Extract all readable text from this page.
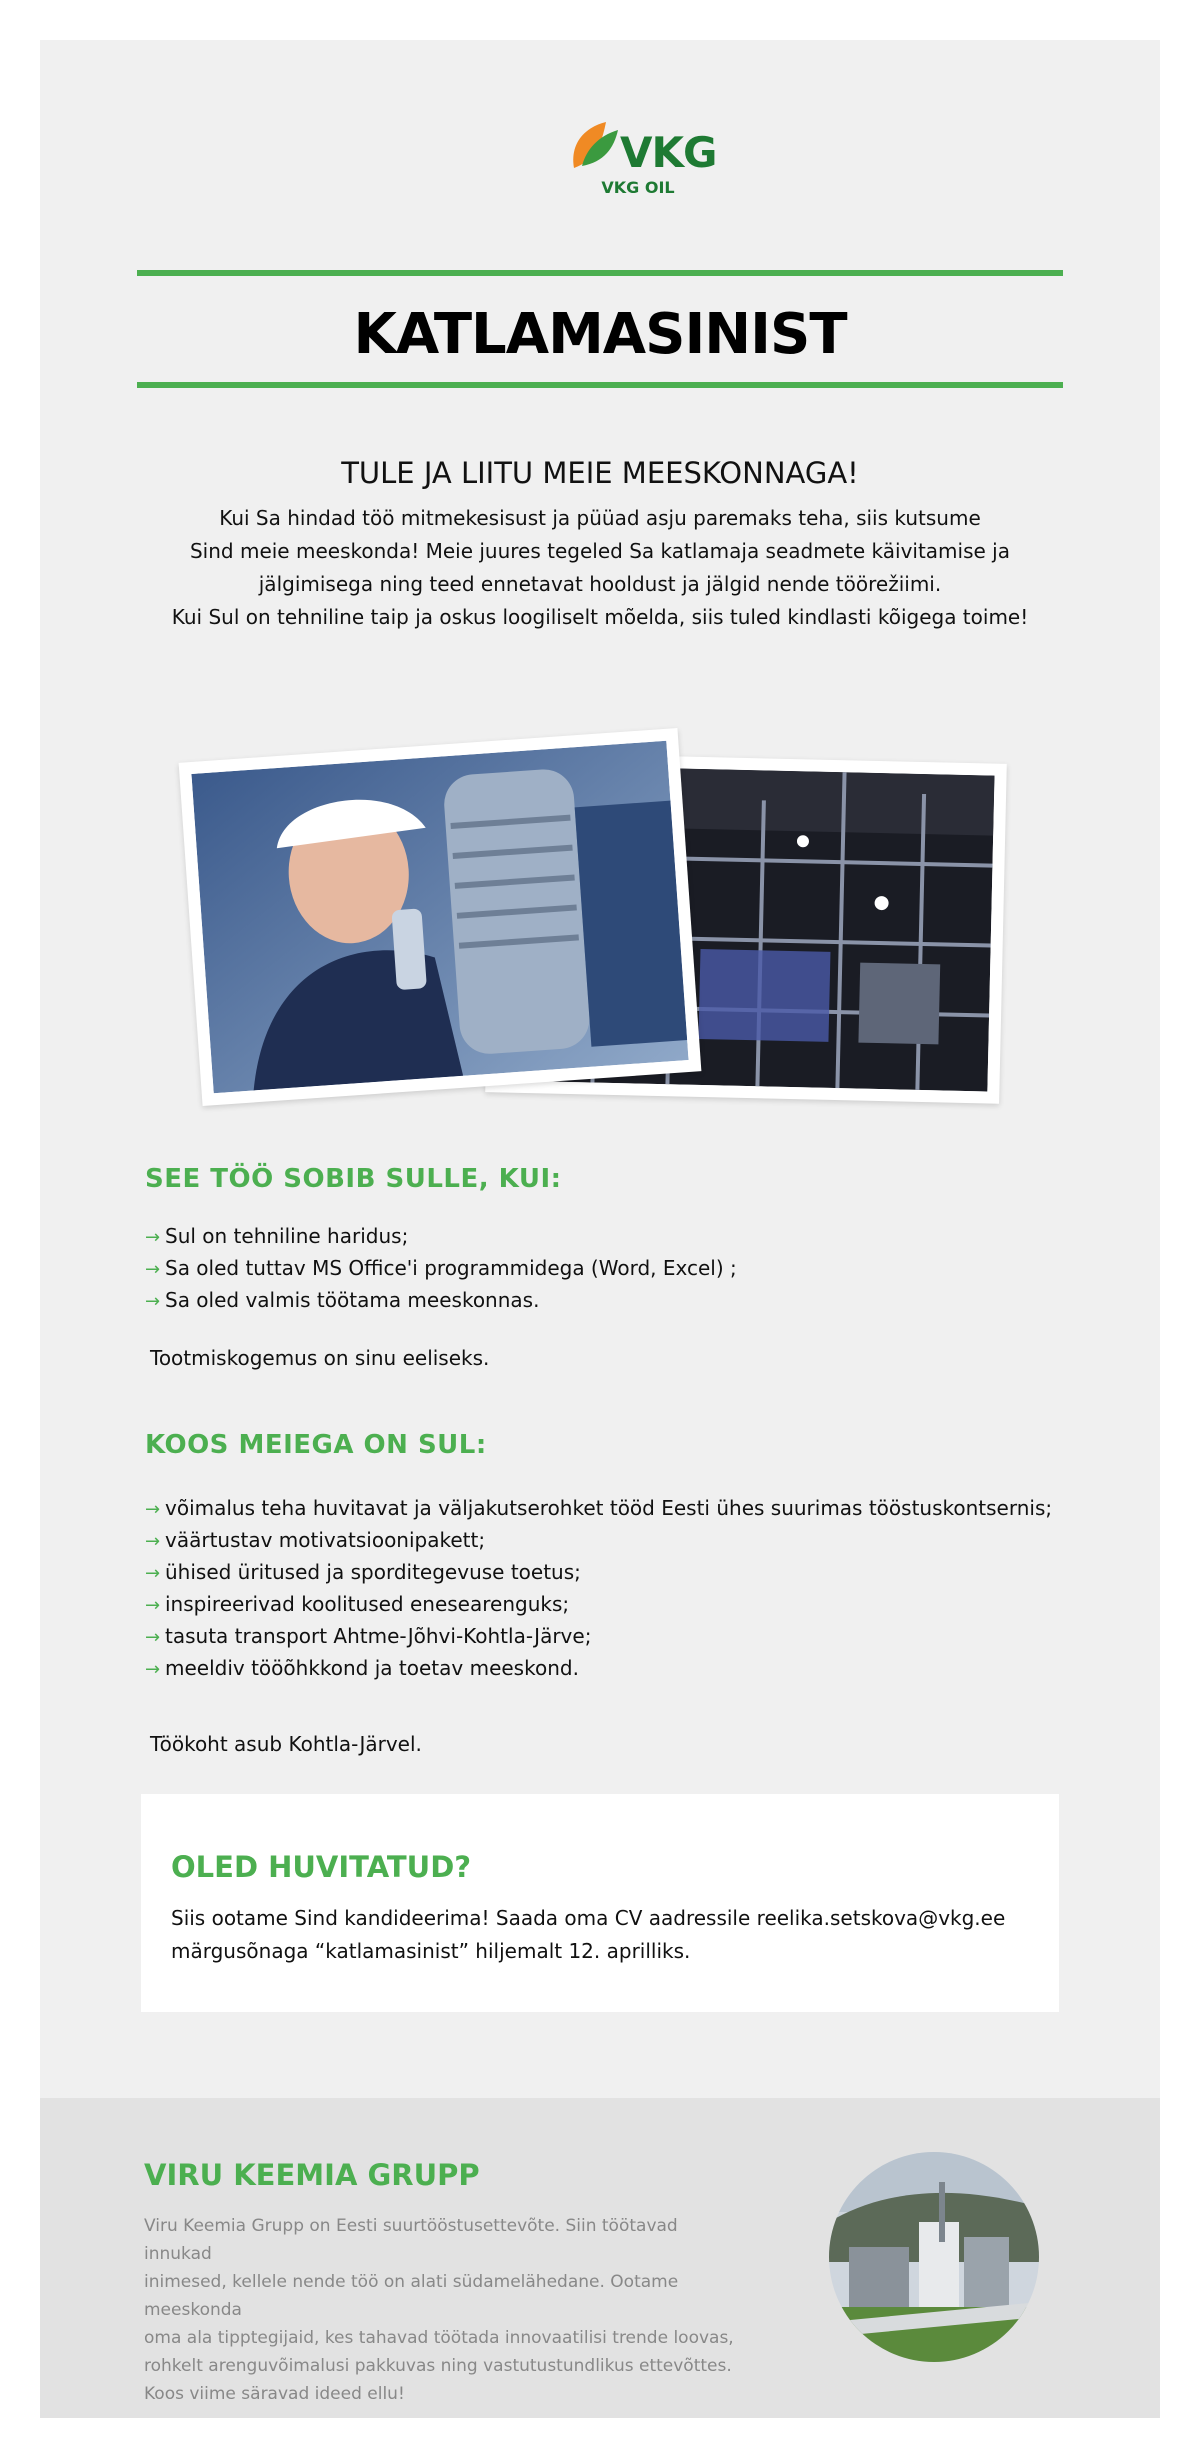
VKG
VKG OIL
KATLAMASINIST
TULE JA LIITU MEIE MEESKONNAGA!
Kui Sa hindad töö mitmekesisust ja püüad asju paremaks teha, siis kutsume
Sind meie meeskonda! Meie juures tegeled Sa katlamaja seadmete käivitamise ja
jälgimisega ning teed ennetavat hooldust ja jälgid nende töörežiimi.
Kui Sul on tehniline taip ja oskus loogiliselt mõelda, siis tuled kindlasti kõigega toime!
SEE TÖÖ SOBIB SULLE, KUI:
→ Sul on tehniline haridus;
→ Sa oled tuttav MS Office'i programmidega (Word, Excel) ;
→ Sa oled valmis töötama meeskonnas.
Tootmiskogemus on sinu eeliseks.
KOOS MEIEGA ON SUL:
→ võimalus teha huvitavat ja väljakutserohket tööd Eesti ühes suurimas tööstuskontsernis;
→ väärtustav motivatsioonipakett;
→ ühised üritused ja sporditegevuse toetus;
→ inspireerivad koolitused enesearenguks;
→ tasuta transport Ahtme-Jõhvi-Kohtla-Järve;
→ meeldiv tööõhkkond ja toetav meeskond.
Töökoht asub Kohtla-Järvel.
OLED HUVITATUD?
Siis ootame Sind kandideerima! Saada oma CV aadressile reelika.setskova@vkg.ee
märgusõnaga “katlamasinist” hiljemalt 12. aprilliks.
VIRU KEEMIA GRUPP
Viru Keemia Grupp on Eesti suurtööstusettevõte. Siin töötavad innukad
inimesed, kellele nende töö on alati südamelähedane. Ootame meeskonda
oma ala tipptegijaid, kes tahavad töötada innovaatilisi trende loovas,
rohkelt arenguvõimalusi pakkuvas ning vastutustundlikus ettevõttes.
Koos viime säravad ideed ellu!
